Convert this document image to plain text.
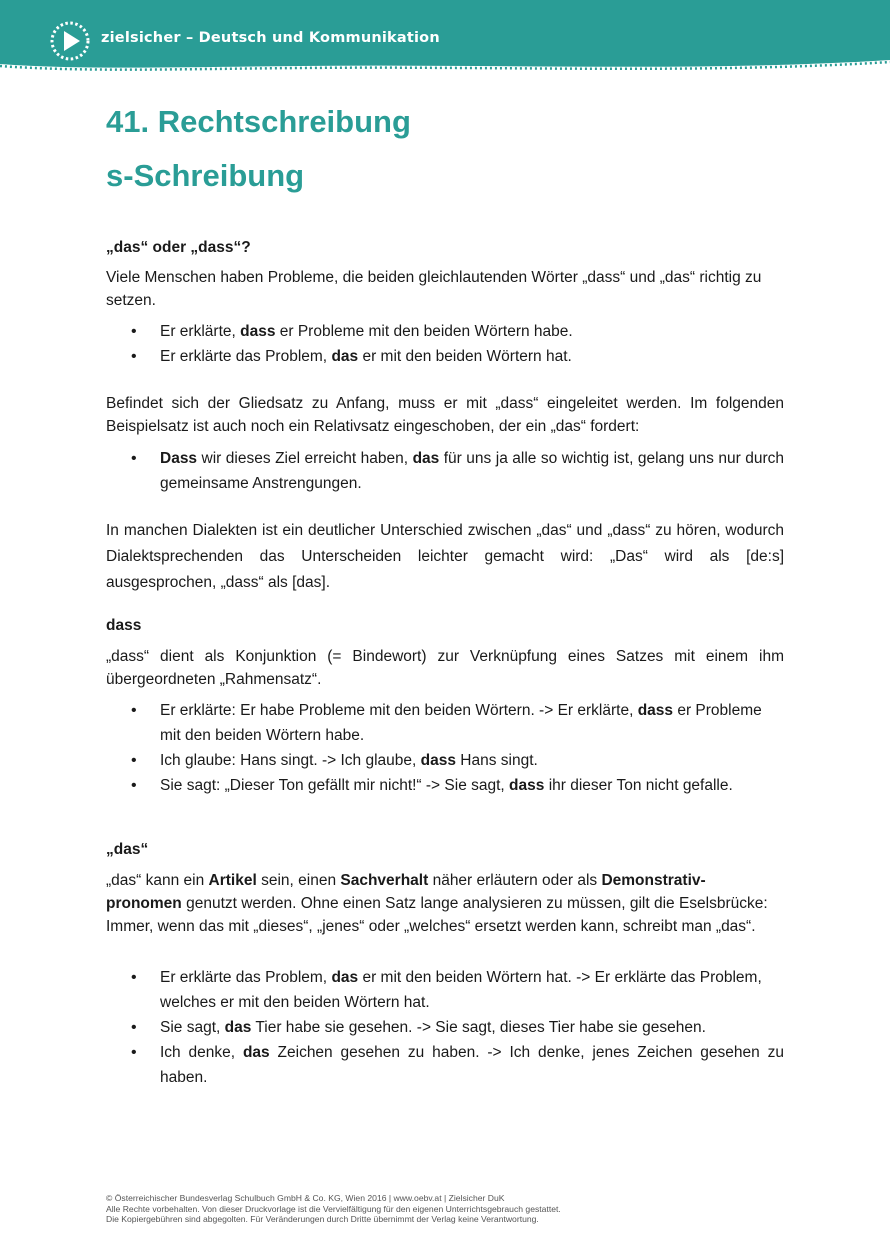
zielsicher – Deutsch und Kommunikation
41. Rechtschreibung
s-Schreibung
„das“ oder „dass“?
Viele Menschen haben Probleme, die beiden gleichlautenden Wörter „dass“ und „das“ richtig zu setzen.
• Er erklärte, dass er Probleme mit den beiden Wörtern habe.
• Er erklärte das Problem, das er mit den beiden Wörtern hat.
Befindet sich der Gliedsatz zu Anfang, muss er mit „dass“ eingeleitet werden. Im folgenden Beispielsatz ist auch noch ein Relativsatz eingeschoben, der ein „das“ fordert:
• Dass wir dieses Ziel erreicht haben, das für uns ja alle so wichtig ist, gelang uns nur durch gemeinsame Anstrengungen.
In manchen Dialekten ist ein deutlicher Unterschied zwischen „das“ und „dass“ zu hören, wodurch Dialektsprechenden das Unterscheiden leichter gemacht wird: „Das“ wird als [de:s] ausgesprochen, „dass“ als [das].
dass
„dass“ dient als Konjunktion (= Bindewort) zur Verknüpfung eines Satzes mit einem ihm übergeordneten „Rahmensatz“.
• Er erklärte: Er habe Probleme mit den beiden Wörtern. -> Er erklärte, dass er Probleme mit den beiden Wörtern habe.
• Ich glaube: Hans singt. -> Ich glaube, dass Hans singt.
• Sie sagt: „Dieser Ton gefällt mir nicht!“ -> Sie sagt, dass ihr dieser Ton nicht gefalle.
„das“
„das“ kann ein Artikel sein, einen Sachverhalt näher erläutern oder als Demonstrativ-
pronomen genutzt werden. Ohne einen Satz lange analysieren zu müssen, gilt die Eselsbrücke: Immer, wenn das mit „dieses“, „jenes“ oder „welches“ ersetzt werden kann, schreibt man „das“.
• Er erklärte das Problem, das er mit den beiden Wörtern hat. -> Er erklärte das Problem, welches er mit den beiden Wörtern hat.
• Sie sagt, das Tier habe sie gesehen. -> Sie sagt, dieses Tier habe sie gesehen.
• Ich denke, das Zeichen gesehen zu haben. -> Ich denke, jenes Zeichen gesehen zu haben.
© Österreichischer Bundesverlag Schulbuch GmbH & Co. KG, Wien 2016 | www.oebv.at | Zielsicher DuK
Alle Rechte vorbehalten. Von dieser Druckvorlage ist die Vervielfältigung für den eigenen Unterrichtsgebrauch gestattet.
Die Kopiergebühren sind abgegolten. Für Veränderungen durch Dritte übernimmt der Verlag keine Verantwortung.
